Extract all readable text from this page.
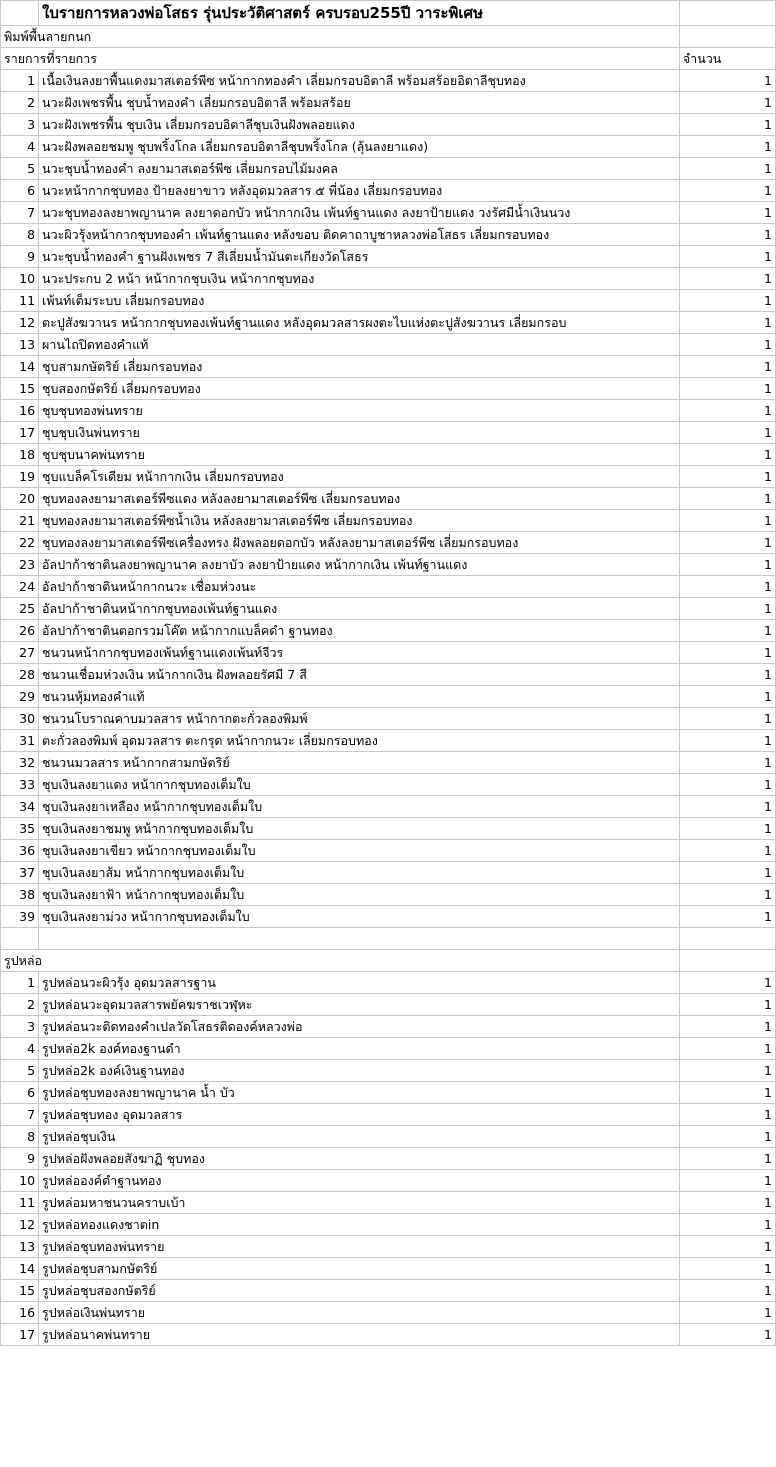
	ใบรายการหลวงพ่อโสธร รุ่นประวัติศาสตร์ ครบรอบ255ปี วาระพิเศษ	
พิมพ์พื้นลายกนก		
รายการที่รายการ		จำนวน
1	เนื้อเงินลงยาพื้นแดงมาสเตอร์พีซ หน้ากากทองคำ เลี่ยมกรอบอิตาลี พร้อมสร้อยอิตาลีชุบทอง	1
2	นวะฝังเพชรพื้น ชุบน้ำทองคำ เลี่ยมกรอบอิตาลี พร้อมสร้อย	1
3	นวะฝังเพชรพื้น ชุบเงิน เลี่ยมกรอบอิตาลีชุบเงินฝังพลอยแดง	1
4	นวะฝังพลอยชมพู ชุบพริ้งโกล เลี่ยมกรอบอิตาลีชุบพริ้งโกล (ลุ้นลงยาแดง)	1
5	นวะชุบน้ำทองคำ ลงยามาสเตอร์พีซ เลี่ยมกรอบไม้มงคล	1
6	นวะหน้ากากชุบทอง ป้ายลงยาขาว หลังอุดมวลสาร ๕ พี่น้อง เลี่ยมกรอบทอง	1
7	นวะชุบทองลงยาพญานาค ลงยาดอกบัว หน้ากากเงิน เพ้นท์ฐานแดง ลงยาป้ายแดง วงรัศมีน้ำเงินนวง	1
8	นวะผิวรุ้งหน้ากากชุบทองคำ เพ้นท์ฐานแดง หลังขอบ ติดคาถาบูชาหลวงพ่อโสธร เลี่ยมกรอบทอง	1
9	นวะชุบน้ำทองคำ ฐานฝังเพชร 7 สีเลี่ยมน้ำมันตะเกียงวัดโสธร	1
10	นวะประกบ 2 หน้า หน้ากากชุบเงิน หน้ากากชุบทอง	1
11	เพ้นท์เต็มระบบ เลี่ยมกรอบทอง	1
12	ตะปูสังฆวานร หน้ากากชุบทองเพ้นท์ฐานแดง หลังอุดมวลสารผงตะไบแห่งตะปูสังฆวานร เลี่ยมกรอบ	1
13	ผานไถปิดทองคำแท้	1
14	ชุบสามกษัตริย์ เลี่ยมกรอบทอง	1
15	ชุบสองกษัตริย์ เลี่ยมกรอบทอง	1
16	ชุบชุบทองพ่นทราย	1
17	ชุบชุบเงินพ่นทราย	1
18	ชุบชุบนาคพ่นทราย	1
19	ชุบแบล็คโรเดียม หน้ากากเงิน เลี่ยมกรอบทอง	1
20	ชุบทองลงยามาสเตอร์พีซแดง หลังลงยามาสเตอร์พีซ เลี่ยมกรอบทอง	1
21	ชุบทองลงยามาสเตอร์พีซน้ำเงิน หลังลงยามาสเตอร์พีซ เลี่ยมกรอบทอง	1
22	ชุบทองลงยามาสเตอร์พีซเครื่องทรง ฝังพลอยดอกบัว หลังลงยามาสเตอร์พีซ เลี่ยมกรอบทอง	1
23	อัลปาก้าชาตินลงยาพญานาค ลงยาบัว ลงยาป้ายแดง หน้ากากเงิน เพ้นท์ฐานแดง	1
24	อัลปาก้าชาตินหน้ากากนวะ เชื่อมห่วงนะ	1
25	อัลปาก้าชาตินหน้ากากชุบทองเพ้นท์ฐานแดง	1
26	อัลปาก้าชาตินตอกรวมโค๊ต หน้ากากแบล็คดำ ฐานทอง	1
27	ชนวนหน้ากากชุบทองเพ้นท์ฐานแดงเพ้นท์จีวร	1
28	ชนวนเชื่อมห่วงเงิน หน้ากากเงิน ฝังพลอยรัศมี 7 สี	1
29	ชนวนหุ้มทองคำแท้	1
30	ชนวนโบราณคาบมวลสาร หน้ากากตะกั่วลองพิมพ์	1
31	ตะกั่วลองพิมพ์ อุดมวลสาร ตะกรุด หน้ากากนวะ เลี่ยมกรอบทอง	1
32	ชนวนมวลสาร หน้ากากสามกษัตริย์	1
33	ชุบเงินลงยาแดง หน้ากากชุบทองเต็มใบ	1
34	ชุบเงินลงยาเหลือง หน้ากากชุบทองเต็มใบ	1
35	ชุบเงินลงยาชมพู หน้ากากชุบทองเต็มใบ	1
36	ชุบเงินลงยาเขียว หน้ากากชุบทองเต็มใบ	1
37	ชุบเงินลงยาส้ม หน้ากากชุบทองเต็มใบ	1
38	ชุบเงินลงยาฟ้า หน้ากากชุบทองเต็มใบ	1
39	ชุบเงินลงยาม่วง หน้ากากชุบทองเต็มใบ	1

รูปหล่อ		
1	รูปหล่อนวะผิวรุ้ง อุดมวลสารฐาน	1
2	รูปหล่อนวะอุดมวลสารพยัคฆราชเวฬุหะ	1
3	รูปหล่อนวะติดทองคำเปลวัดโสธรติดองค์หลวงพ่อ	1
4	รูปหล่อ2k องค์ทองฐานดำ	1
5	รูปหล่อ2k องค์เงินฐานทอง	1
6	รูปหล่อชุบทองลงยาพญานาค น้ำ บัว	1
7	รูปหล่อชุบทอง อุดมวลสาร	1
8	รูปหล่อชุบเงิน	1
9	รูปหล่อฝังพลอยสังฆาฏิ ชุบทอง	1
10	รูปหล่อองค์ดำฐานทอง	1
11	รูปหล่อมหาชนวนคราบเบ้า	1
12	รูปหล่อทองแดงชาตin	1
13	รูปหล่อชุบทองพ่นทราย	1
14	รูปหล่อชุบสามกษัตริย์	1
15	รูปหล่อชุบสองกษัตริย์	1
16	รูปหล่อเงินพ่นทราย	1
17	รูปหล่อนาคพ่นทราย	1
